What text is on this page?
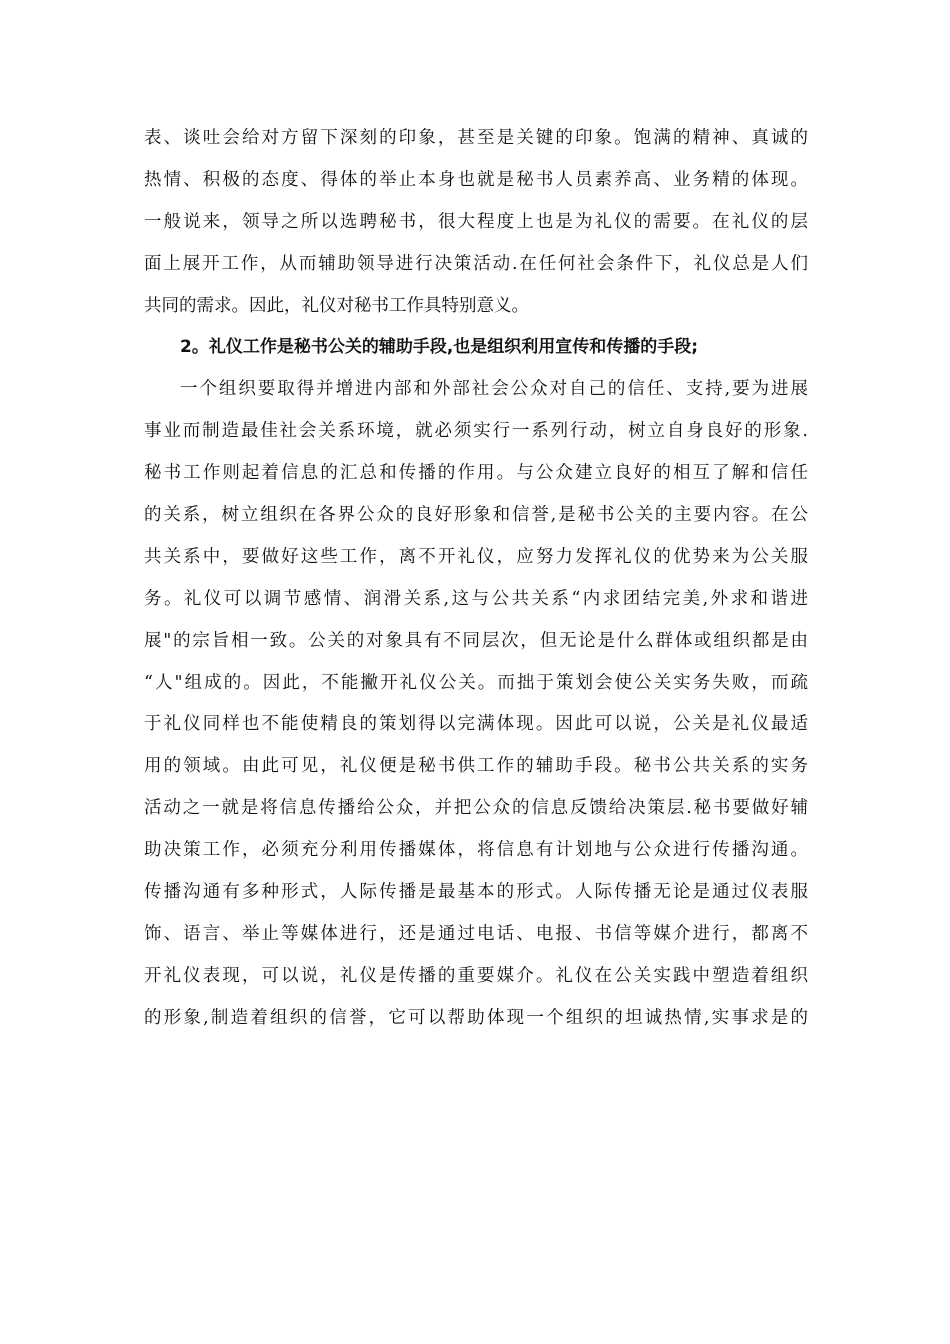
表、谈吐会给对方留下深刻的印象，甚至是关键的印象。饱满的精神、真诚的
热情、积极的态度、得体的举止本身也就是秘书人员素养高、业务精的体现。
一般说来，领导之所以选聘秘书，很大程度上也是为礼仪的需要。在礼仪的层
面上展开工作，从而辅助领导进行决策活动.在任何社会条件下，礼仪总是人们
共同的需求。因此，礼仪对秘书工作具特别意义。
2。礼仪工作是秘书公关的辅助手段,也是组织利用宣传和传播的手段;
一个组织要取得并增进内部和外部社会公众对自己的信任、支持,要为进展
事业而制造最佳社会关系环境，就必须实行一系列行动，树立自身良好的形象.
秘书工作则起着信息的汇总和传播的作用。与公众建立良好的相互了解和信任
的关系，树立组织在各界公众的良好形象和信誉,是秘书公关的主要内容。在公
共关系中，要做好这些工作，离不开礼仪，应努力发挥礼仪的优势来为公关服
务。礼仪可以调节感情、润滑关系,这与公共关系“内求团结完美,外求和谐进
展"的宗旨相一致。公关的对象具有不同层次，但无论是什么群体或组织都是由
“人"组成的。因此，不能撇开礼仪公关。而拙于策划会使公关实务失败，而疏
于礼仪同样也不能使精良的策划得以完满体现。因此可以说，公关是礼仪最适
用的领域。由此可见，礼仪便是秘书供工作的辅助手段。秘书公共关系的实务
活动之一就是将信息传播给公众，并把公众的信息反馈给决策层.秘书要做好辅
助决策工作，必须充分利用传播媒体，将信息有计划地与公众进行传播沟通。
传播沟通有多种形式，人际传播是最基本的形式。人际传播无论是通过仪表服
饰、语言、举止等媒体进行，还是通过电话、电报、书信等媒介进行，都离不
开礼仪表现，可以说，礼仪是传播的重要媒介。礼仪在公关实践中塑造着组织
的形象,制造着组织的信誉，它可以帮助体现一个组织的坦诚热情,实事求是的
